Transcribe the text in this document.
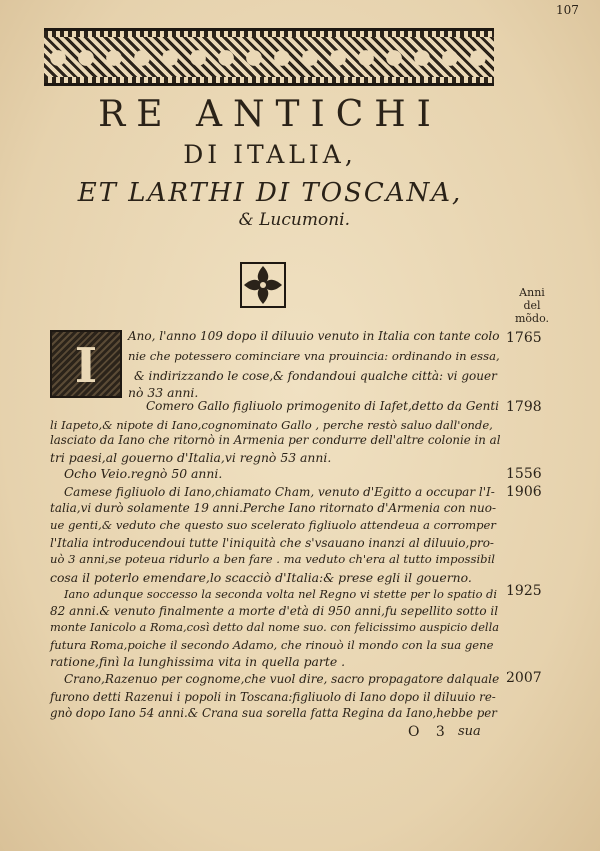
107
RE ANTICHI
DI ITALIA,
ET LARTHI DI TOSCANA,
& Lucumoni.
Anni
del
mõdo.
I
Ano, l'anno 109 dopo il diluuio venuto in Italia con tante colo
nie che potessero cominciare vna prouincia: ordinando in essa,
& indirizzando le cose,& fondandoui qualche città: vi gouer
nò 33 anni.
Comero Gallo figliuolo primogenito di Iafet,detto da Genti
li Iapeto,& nipote di Iano,cognominato Gallo , perche restò saluo dall'onde,
lasciato da Iano che ritornò in Armenia per condurre dell'altre colonie in al
tri paesi,al gouerno d'Italia,vi regnò 53 anni.
Ocho Veio.regnò 50 anni.
Camese figliuolo di Iano,chiamato Cham, venuto d'Egitto a occupar l'I-
talia,vi durò solamente 19 anni.Perche Iano ritornato d'Armenia con nuo-
ue genti,& veduto che questo suo scelerato figliuolo attendeua a corromper
l'Italia introducendoui tutte l'iniquità che s'vsauano inanzi al diluuio,pro-
uò 3 anni,se poteua ridurlo a ben fare . ma veduto ch'era al tutto impossibil
cosa il poterlo emendare,lo scacciò d'Italia:& prese egli il gouerno.
Iano adunque soccesso la seconda volta nel Regno vi stette per lo spatio di
82 anni.& venuto finalmente a morte d'età di 950 anni,fu sepellito sotto il
monte Ianicolo a Roma,così detto dal nome suo. con felicissimo auspicio della
futura Roma,poiche il secondo Adamo, che rinouò il mondo con la sua gene
ratione,finì la lunghissima vita in quella parte .
Crano,Razenuo per cognome,che vuol dire, sacro propagatore dalquale
furono detti Razenui i popoli in Toscana:figliuolo di Iano dopo il diluuio re-
gnò dopo Iano 54 anni.& Crana sua sorella fatta Regina da Iano,hebbe per
1765
1798
1556
1906
1925
2007
O 3 sua
